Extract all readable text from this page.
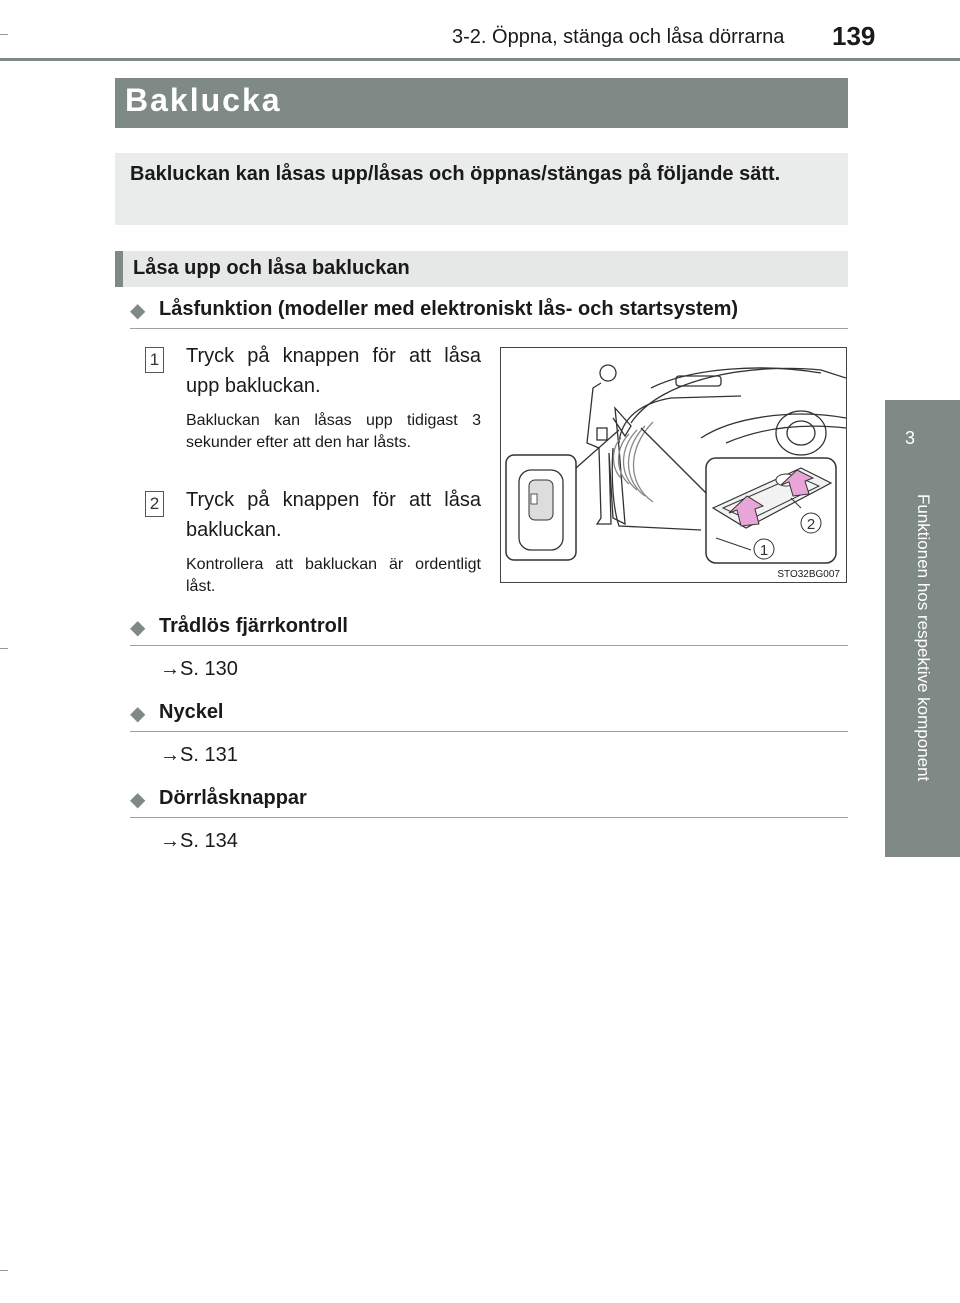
3-2. Öppna, stänga och låsa dörrarna 139
3
Funktionen hos respektive komponent
Baklucka
Bakluckan kan låsas upp/låsas och öppnas/stängas på följande sätt.
Låsa upp och låsa bakluckan
◆ Låsfunktion (modeller med elektroniskt lås- och startsystem)
1 Tryck på knappen för att låsa upp bakluckan.
Bakluckan kan låsas upp tidigast 3 sekunder efter att den har låsts.
2 Tryck på knappen för att låsa bakluckan.
Kontrollera att bakluckan är ordentligt låst.
1
2
STO32BG007
◆ Trådlös fjärrkontroll
→S. 130
◆ Nyckel
→S. 131
◆ Dörrlåsknappar
→S. 134
